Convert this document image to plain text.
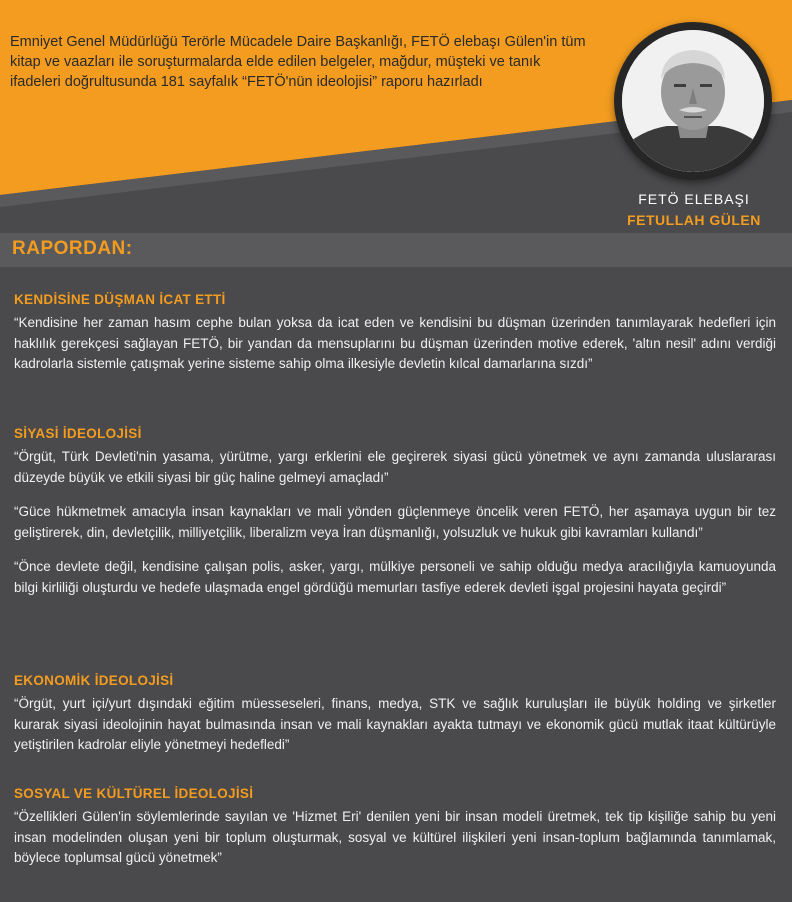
Emniyet Genel Müdürlüğü Terörle Mücadele Daire Başkanlığı, FETÖ elebaşı Gülen'in tüm kitap ve vaazları ile soruşturmalarda elde edilen belgeler, mağdur, müşteki ve tanık ifadeleri doğrultusunda 181 sayfalık “FETÖ'nün ideolojisi” raporu hazırladı
FETÖ ELEBAŞI
FETULLAH GÜLEN
RAPORDAN:
KENDİSİNE DÜŞMAN İCAT ETTİ
“Kendisine her zaman hasım cephe bulan yoksa da icat eden ve kendisini bu düşman üzerinden tanımlayarak hedefleri için haklılık gerekçesi sağlayan FETÖ, bir yandan da mensuplarını bu düşman üzerinden motive ederek, 'altın nesil' adını verdiği kadrolarla sistemle çatışmak yerine sisteme sahip olma ilkesiyle devletin kılcal damarlarına sızdı”
SİYASİ İDEOLOJİSİ
“Örgüt, Türk Devleti'nin yasama, yürütme, yargı erklerini ele geçirerek siyasi gücü yönetmek ve aynı zamanda uluslararası düzeyde büyük ve etkili siyasi bir güç haline gelmeyi amaçladı”
“Güce hükmetmek amacıyla insan kaynakları ve mali yönden güçlenmeye öncelik veren FETÖ, her aşamaya uygun bir tez geliştirerek, din, devletçilik, milliyetçilik, liberalizm veya İran düşmanlığı, yolsuzluk ve hukuk gibi kavramları kullandı”
“Önce devlete değil, kendisine çalışan polis, asker, yargı, mülkiye personeli ve sahip olduğu medya aracılığıyla kamuoyunda bilgi kirliliği oluşturdu ve hedefe ulaşmada engel gördüğü memurları tasfiye ederek devleti işgal projesini hayata geçirdi”
EKONOMİK İDEOLOJİSİ
“Örgüt, yurt içi/yurt dışındaki eğitim müesseseleri, finans, medya, STK ve sağlık kuruluşları ile büyük holding ve şirketler kurarak siyasi ideolojinin hayat bulmasında insan ve mali kaynakları ayakta tutmayı ve ekonomik gücü mutlak itaat kültürüyle yetiştirilen kadrolar eliyle yönetmeyi hedefledi”
SOSYAL VE KÜLTÜREL İDEOLOJİSİ
“Özellikleri Gülen'in söylemlerinde sayılan ve 'Hizmet Eri' denilen yeni bir insan modeli üretmek, tek tip kişiliğe sahip bu yeni insan modelinden oluşan yeni bir toplum oluşturmak, sosyal ve kültürel ilişkileri yeni insan-toplum bağlamında tanımlamak, böylece toplumsal gücü yönetmek”
